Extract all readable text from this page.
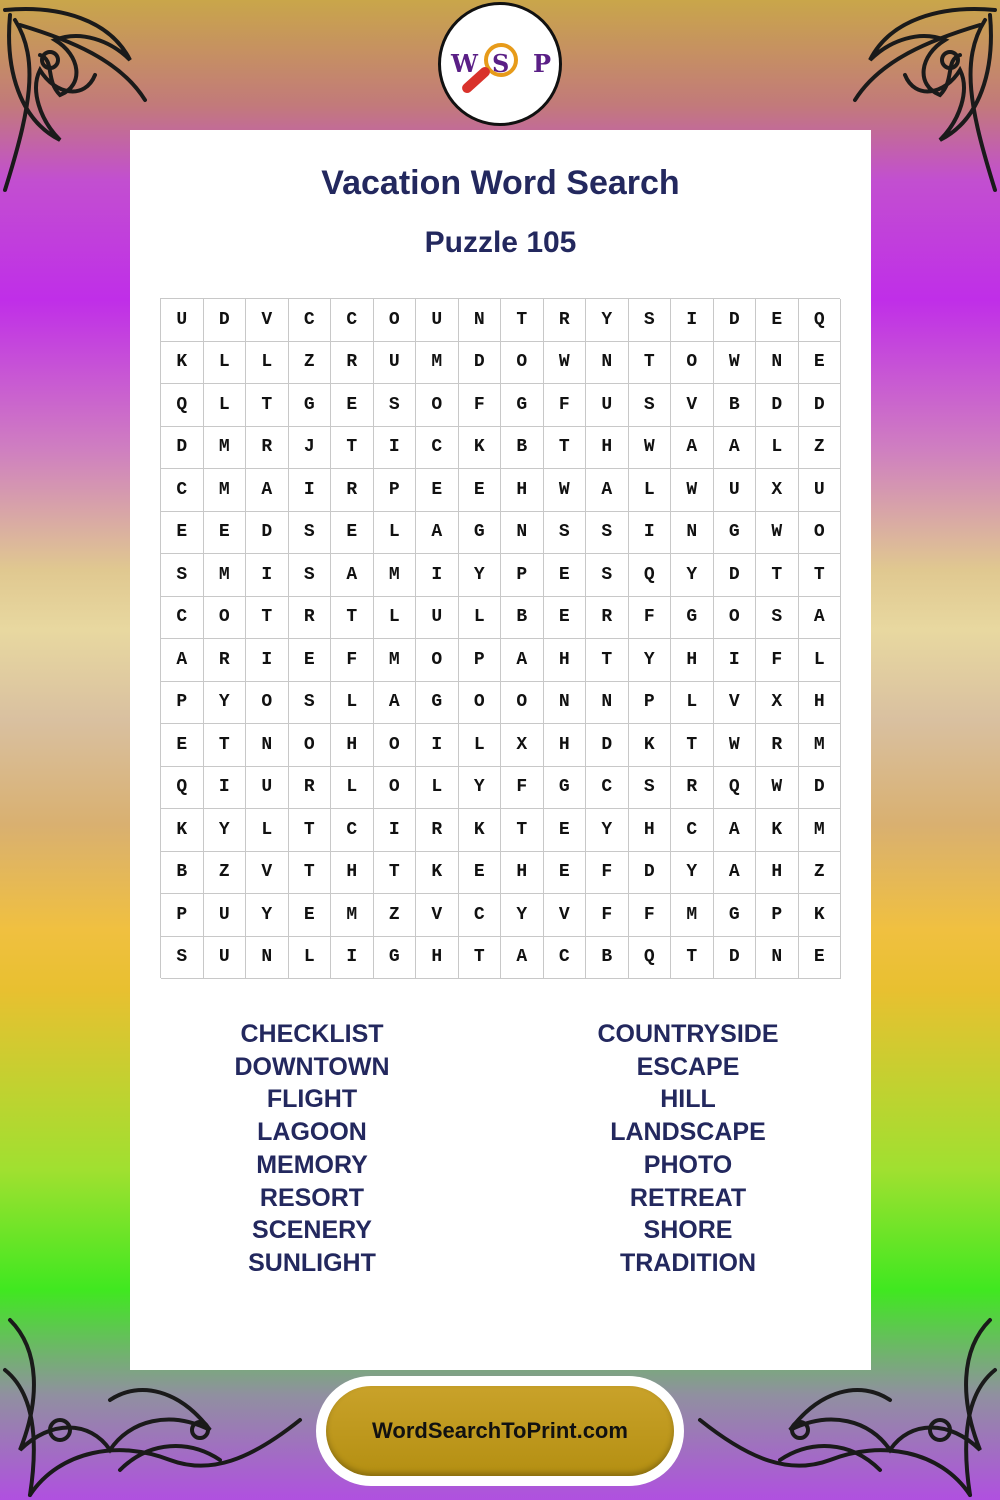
W S P
Vacation Word Search
Puzzle 105
U	D	V	C	C	O	U	N	T	R	Y	S	I	D	E	Q
K	L	L	Z	R	U	M	D	O	W	N	T	O	W	N	E
Q	L	T	G	E	S	O	F	G	F	U	S	V	B	D	D
D	M	R	J	T	I	C	K	B	T	H	W	A	A	L	Z
C	M	A	I	R	P	E	E	H	W	A	L	W	U	X	U
E	E	D	S	E	L	A	G	N	S	S	I	N	G	W	O
S	M	I	S	A	M	I	Y	P	E	S	Q	Y	D	T	T
C	O	T	R	T	L	U	L	B	E	R	F	G	O	S	A
A	R	I	E	F	M	O	P	A	H	T	Y	H	I	F	L
P	Y	O	S	L	A	G	O	O	N	N	P	L	V	X	H
E	T	N	O	H	O	I	L	X	H	D	K	T	W	R	M
Q	I	U	R	L	O	L	Y	F	G	C	S	R	Q	W	D
K	Y	L	T	C	I	R	K	T	E	Y	H	C	A	K	M
B	Z	V	T	H	T	K	E	H	E	F	D	Y	A	H	Z
P	U	Y	E	M	Z	V	C	Y	V	F	F	M	G	P	K
S	U	N	L	I	G	H	T	A	C	B	Q	T	D	N	E
CHECKLIST
DOWNTOWN
FLIGHT
LAGOON
MEMORY
RESORT
SCENERY
SUNLIGHT
COUNTRYSIDE
ESCAPE
HILL
LANDSCAPE
PHOTO
RETREAT
SHORE
TRADITION
WordSearchToPrint.com
